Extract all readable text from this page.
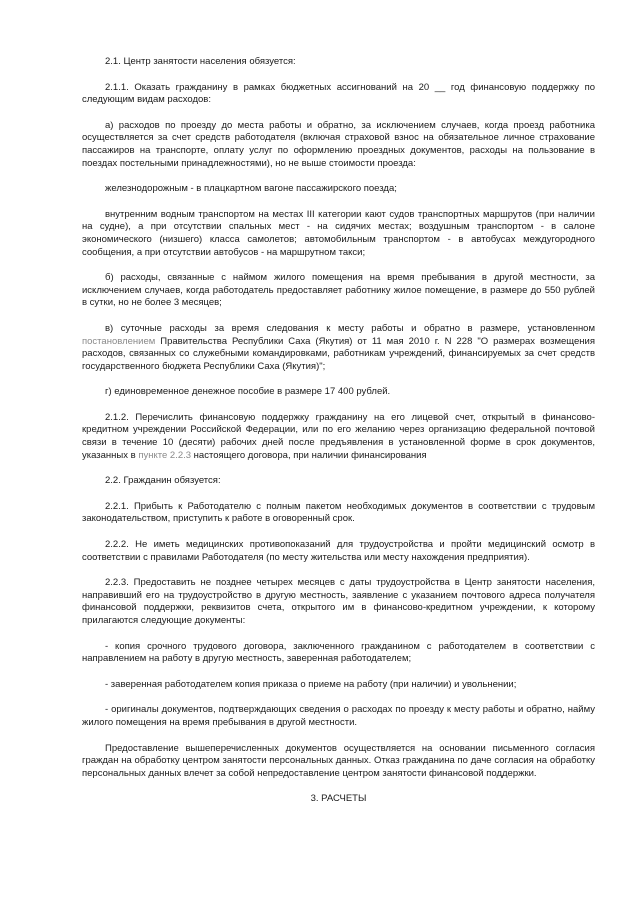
2.1. Центр занятости населения обязуется:

2.1.1. Оказать гражданину в рамках бюджетных ассигнований на 20 __ год финансовую поддержку по следующим видам расходов:

а) расходов по проезду до места работы и обратно, за исключением случаев, когда проезд работника осуществляется за счет средств работодателя (включая страховой взнос на обязательное личное страхование пассажиров на транспорте, оплату услуг по оформлению проездных документов, расходы на пользование в поездах постельными принадлежностями), но не выше стоимости проезда:

железнодорожным - в плацкартном вагоне пассажирского поезда;

внутренним водным транспортом на местах III категории кают судов транспортных маршрутов (при наличии на судне), а при отсутствии спальных мест - на сидячих местах; воздушным транспортом - в салоне экономического (низшего) класса самолетов; автомобильным транспортом - в автобусах междугородного сообщения, а при отсутствии автобусов - на маршрутном такси;

б) расходы, связанные с наймом жилого помещения на время пребывания в другой местности, за исключением случаев, когда работодатель предоставляет работнику жилое помещение, в размере до 550 рублей в сутки, но не более 3 месяцев;

в) суточные расходы за время следования к месту работы и обратно в размере, установленном постановлением Правительства Республики Саха (Якутия) от 11 мая 2010 г. N 228 "О размерах возмещения расходов, связанных со служебными командировками, работникам учреждений, финансируемых за счет средств государственного бюджета Республики Саха (Якутия)";

г) единовременное денежное пособие в размере 17 400 рублей.

2.1.2. Перечислить финансовую поддержку гражданину на его лицевой счет, открытый в финансово-кредитном учреждении Российской Федерации, или по его желанию через организацию федеральной почтовой связи в течение 10 (десяти) рабочих дней после предъявления в установленной форме в срок документов, указанных в пункте 2.2.3 настоящего договора, при наличии финансирования

2.2. Гражданин обязуется:

2.2.1. Прибыть к Работодателю с полным пакетом необходимых документов в соответствии с трудовым законодательством, приступить к работе в оговоренный срок.

2.2.2. Не иметь медицинских противопоказаний для трудоустройства и пройти медицинский осмотр в соответствии с правилами Работодателя (по месту жительства или месту нахождения предприятия).

2.2.3. Предоставить не позднее четырех месяцев с даты трудоустройства в Центр занятости населения, направивший его на трудоустройство в другую местность, заявление с указанием почтового адреса получателя финансовой поддержки, реквизитов счета, открытого им в финансово-кредитном учреждении, к которому прилагаются следующие документы:

- копия срочного трудового договора, заключенного гражданином с работодателем в соответствии с направлением на работу в другую местность, заверенная работодателем;

- заверенная работодателем копия приказа о приеме на работу (при наличии) и увольнении;

- оригиналы документов, подтверждающих сведения о расходах по проезду к месту работы и обратно, найму жилого помещения на время пребывания в другой местности.

Предоставление вышеперечисленных документов осуществляется на основании письменного согласия граждан на обработку центром занятости персональных данных. Отказ гражданина по даче согласия на обработку персональных данных влечет за собой непредоставление центром занятости финансовой поддержки.

3. РАСЧЕТЫ
